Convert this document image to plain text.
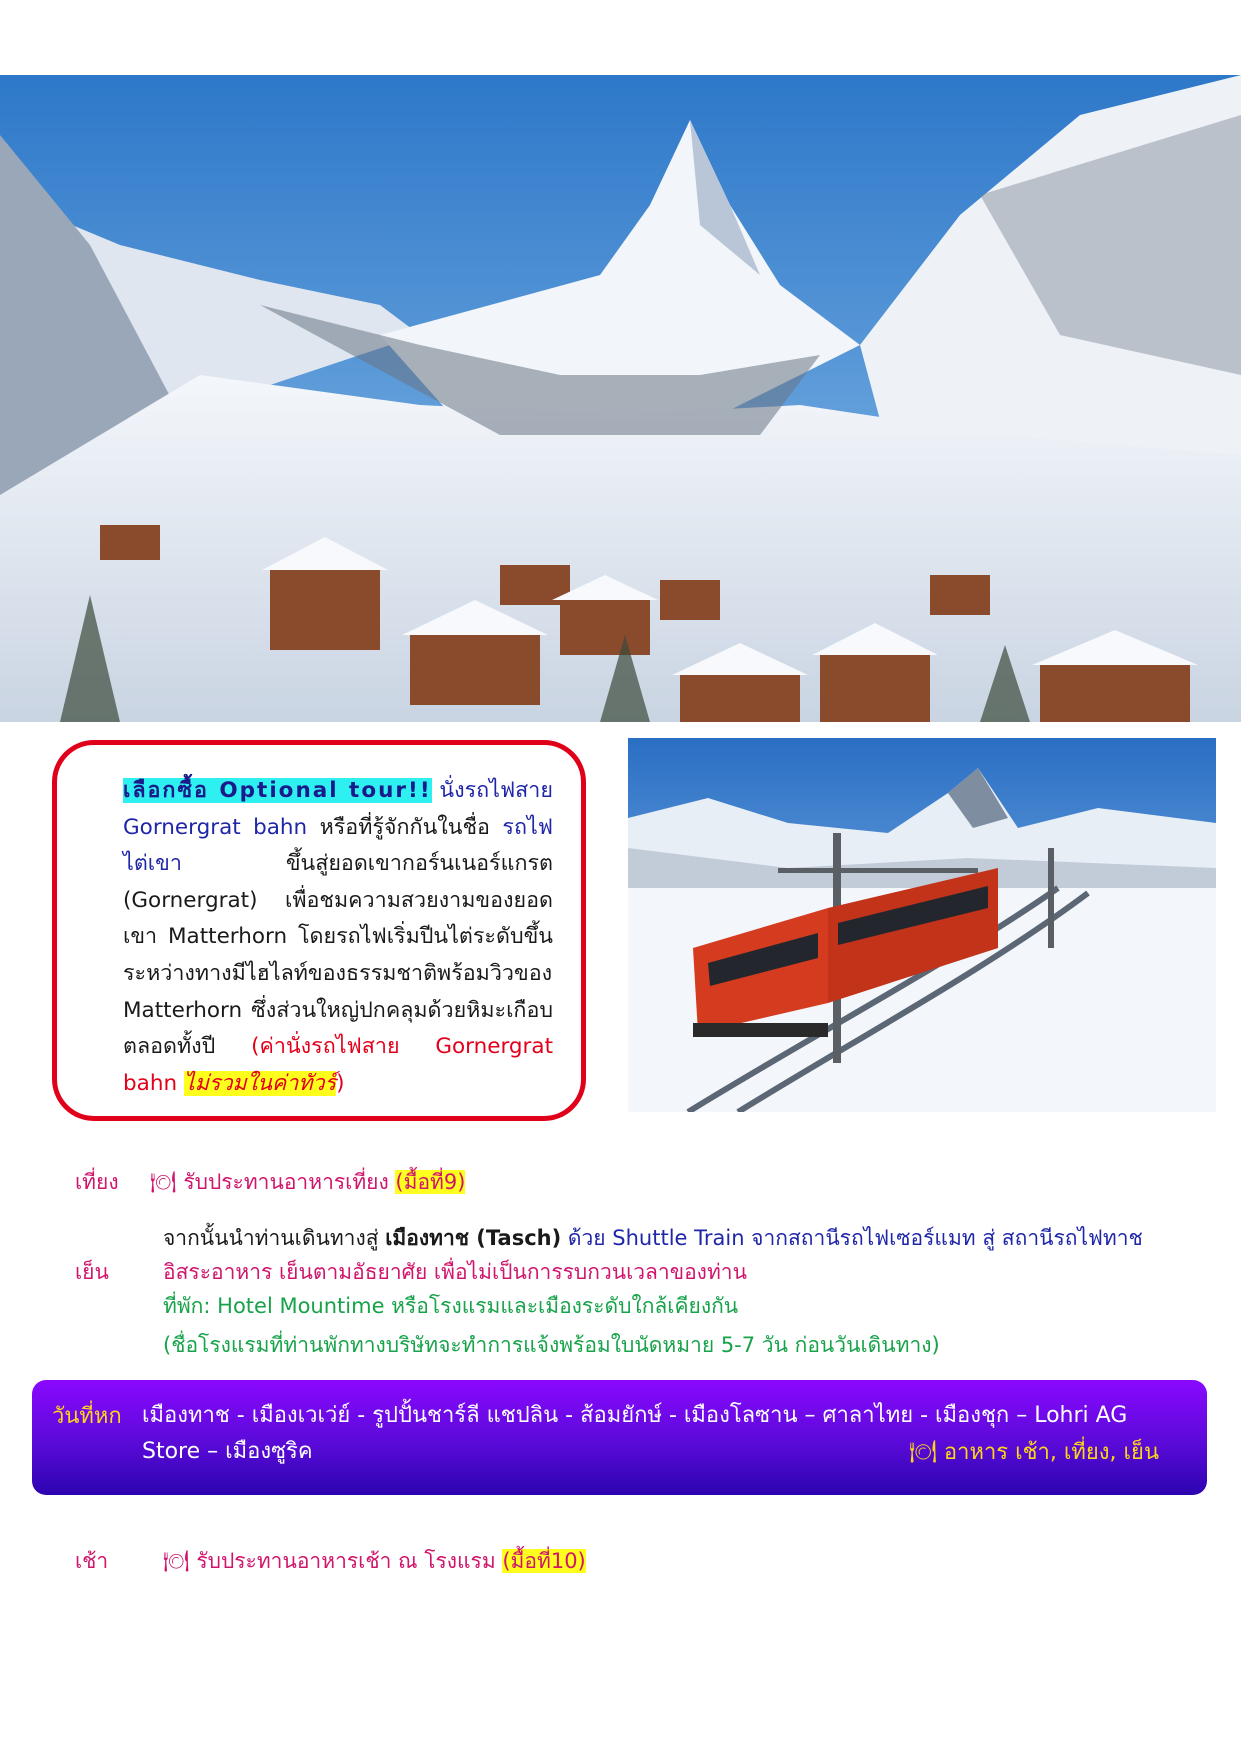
เลือกซื้อ Optional tour!! นั่งรถไฟสาย Gornergrat bahn หรือที่รู้จักกันในชื่อ รถไฟไต่เขา ขึ้นสู่ยอดเขากอร์นเนอร์แกรต (Gornergrat) เพื่อชมความสวยงามของยอดเขา Matterhorn โดยรถไฟเริ่มปีนไต่ระดับขึ้น ระหว่างทางมีไฮไลท์ของธรรมชาติพร้อมวิวของ Matterhorn ซึ่งส่วนใหญ่ปกคลุมด้วยหิมะเกือบตลอดทั้งปี (ค่านั่งรถไฟสาย Gornergrat bahn ไม่รวมในค่าทัวร์)
เที่ยง 🍽 รับประทานอาหารเที่ยง (มื้อที่9)
เย็น
จากนั้นนำท่านเดินทางสู่ เมืองทาช (Tasch) ด้วย Shuttle Train จากสถานีรถไฟเซอร์แมท สู่ สถานีรถไฟทาช
อิสระอาหาร เย็นตามอัธยาศัย เพื่อไม่เป็นการรบกวนเวลาของท่าน
ที่พัก: Hotel Mountime หรือโรงแรมและเมืองระดับใกล้เคียงกัน
(ชื่อโรงแรมที่ท่านพักทางบริษัทจะทำการแจ้งพร้อมใบนัดหมาย 5-7 วัน ก่อนวันเดินทาง)
วันที่หก เมืองทาช - เมืองเวเว่ย์ - รูปปั้นชาร์ลี แชปลิน - ส้อมยักษ์ - เมืองโลซาน – ศาลาไทย - เมืองชุก – Lohri AG Store – เมืองซูริค	🍽 อาหาร เช้า, เที่ยง, เย็น
เช้า	🍽 รับประทานอาหารเช้า ณ โรงแรม (มื้อที่10)
